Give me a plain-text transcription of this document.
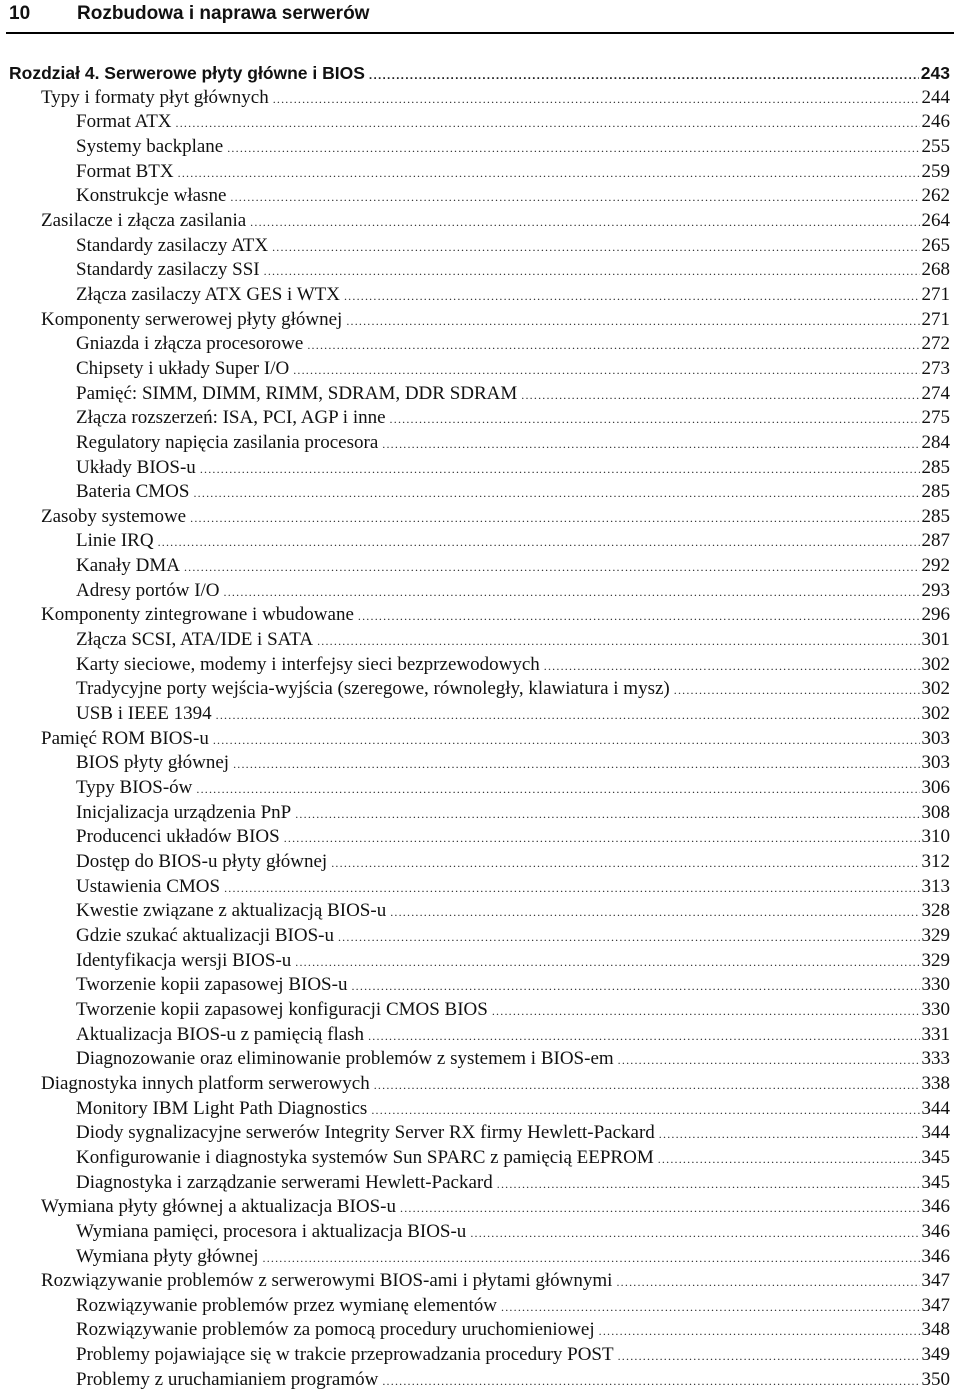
10 Rozbudowa i naprawa serwerów
Rozdział 4. Serwerowe płyty główne i BIOS .....	243
Typy i formaty płyt głównych .....	244
Format ATX .....	246
Systemy backplane .....	255
Format BTX .....	259
Konstrukcje własne .....	262
Zasilacze i złącza zasilania .....	264
Standardy zasilaczy ATX .....	265
Standardy zasilaczy SSI .....	268
Złącza zasilaczy ATX GES i WTX .....	271
Komponenty serwerowej płyty głównej .....	271
Gniazda i złącza procesorowe .....	272
Chipsety i układy Super I/O .....	273
Pamięć: SIMM, DIMM, RIMM, SDRAM, DDR SDRAM .....	274
Złącza rozszerzeń: ISA, PCI, AGP i inne .....	275
Regulatory napięcia zasilania procesora .....	284
Układy BIOS-u .....	285
Bateria CMOS .....	285
Zasoby systemowe .....	285
Linie IRQ .....	287
Kanały DMA .....	292
Adresy portów I/O .....	293
Komponenty zintegrowane i wbudowane .....	296
Złącza SCSI, ATA/IDE i SATA .....	301
Karty sieciowe, modemy i interfejsy sieci bezprzewodowych .....	302
Tradycyjne porty wejścia-wyjścia (szeregowe, równoległy, klawiatura i mysz) .....	302
USB i IEEE 1394 .....	302
Pamięć ROM BIOS-u .....	303
BIOS płyty głównej .....	303
Typy BIOS-ów .....	306
Inicjalizacja urządzenia PnP .....	308
Producenci układów BIOS .....	310
Dostęp do BIOS-u płyty głównej .....	312
Ustawienia CMOS .....	313
Kwestie związane z aktualizacją BIOS-u .....	328
Gdzie szukać aktualizacji BIOS-u .....	329
Identyfikacja wersji BIOS-u .....	329
Tworzenie kopii zapasowej BIOS-u .....	330
Tworzenie kopii zapasowej konfiguracji CMOS BIOS .....	330
Aktualizacja BIOS-u z pamięcią flash .....	331
Diagnozowanie oraz eliminowanie problemów z systemem i BIOS-em .....	333
Diagnostyka innych platform serwerowych .....	338
Monitory IBM Light Path Diagnostics .....	344
Diody sygnalizacyjne serwerów Integrity Server RX firmy Hewlett-Packard .....	344
Konfigurowanie i diagnostyka systemów Sun SPARC z pamięcią EEPROM .....	345
Diagnostyka i zarządzanie serwerami Hewlett-Packard .....	345
Wymiana płyty głównej a aktualizacja BIOS-u .....	346
Wymiana pamięci, procesora i aktualizacja BIOS-u .....	346
Wymiana płyty głównej .....	346
Rozwiązywanie problemów z serwerowymi BIOS-ami i płytami głównymi .....	347
Rozwiązywanie problemów przez wymianę elementów .....	347
Rozwiązywanie problemów za pomocą procedury uruchomieniowej .....	348
Problemy pojawiające się w trakcie przeprowadzania procedury POST .....	349
Problemy z uruchamianiem programów .....	350
